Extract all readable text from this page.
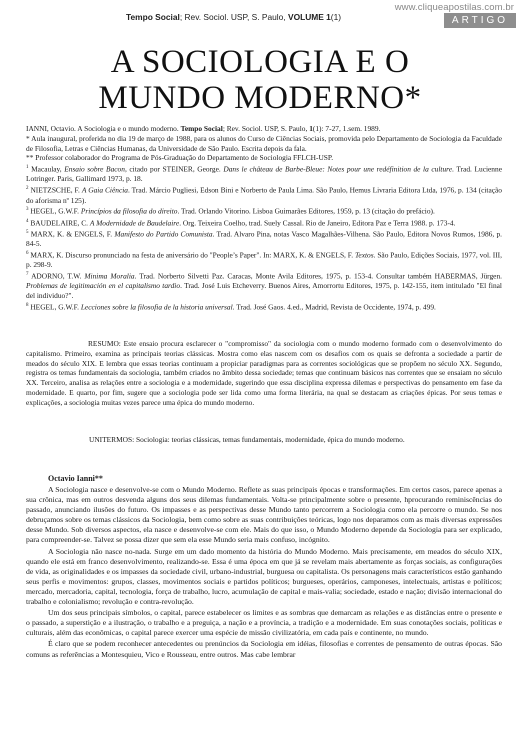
Tempo Social; Rev. Sociol. USP, S. Paulo, VOLUME 1(1)
www.cliqueapostilas.com.br
ARTIGO
A SOCIOLOGIA E O
MUNDO MODERNO*

IANNI, Octavio. A Sociologia e o mundo moderno. Tempo Social; Rev. Sociol. USP, S. Paulo, 1(1): 7-27, 1.sem. 1989.

* Aula inaugural, proferida no dia 19 de março de 1988, para os alunos do Curso de Ciências Sociais, promovida pelo Departamento de Sociologia da Faculdade de Filosofia, Letras e Ciências Humanas, da Universidade de São Paulo. Escrita depois da fala.

** Professor colaborador do Programa de Pós-Graduação do Departamento de Sociologia FFLCH-USP.

$^1$ Macaulay, Ensaio sobre Bacon, citado por STEINER, George. Dans le château de Barbe-Bleue: Notes pour une redéfinition de la culture. Trad. Lucienne Lotringer. Paris, Gallimard 1973, p. 18.

$^2$ NIETZSCHE, F. A Gaia Ciência. Trad. Márcio Pugliesi, Edson Bini e Norberto de Paula Lima. São Paulo, Hemus Livraria Editora Ltda, 1976, p. 134 (citação do aforisma nº 125).

$^3$ HEGEL, G.W.F. Princípios da filosofia do direito. Trad. Orlando Vitorino. Lisboa Guimarães Editores, 1959, p. 13 (citação do prefácio).

$^4$ BAUDELAIRE, C. A Modernidade de Baudelaire. Org. Teixeira Coelho, trad. Suely Cassal. Rio de Janeiro, Editora Paz e Terra 1988. p. 173-4.

$^5$ MARX, K. & ENGELS, F. Manifesto do Partido Comunista. Trad. Alvaro Pina, notas Vasco Magalhães-Vilhena. São Paulo, Editora Novos Rumos, 1986, p. 84-5.

$^6$ MARX, K. Discurso pronunciado na festa de aniversário do "People’s Paper". In: MARX, K. & ENGELS, F. Textos. São Paulo, Edições Sociais, 1977, vol. III, p. 298-9.

$^7$ ADORNO, T.W. Minima Moralia. Trad. Norberto Silvetti Paz. Caracas, Monte Avila Editores, 1975, p. 153-4. Consultar também HABERMAS, Jürgen. Problemas de legitimación en el capitalismo tardio. Trad. José Luis Etcheverry. Buenos Aires, Amorrortu Editores, 1975, p. 142-155, item intitulado "El final del individuo?".

$^8$ HEGEL, G.W.F. Lecciones sobre la filosofia de la historia universal. Trad. José Gaos. 4.ed., Madrid, Revista de Occidente, 1974, p. 499.

RESUMO: Este ensaio procura esclarecer o "compromisso" da sociologia com o mundo moderno formado com o desenvolvimento do capitalismo. Primeiro, examina as principais teorias clássicas. Mostra como elas nascem com os desafios com os quais se defronta a sociedade a partir de meados do século XIX. E lembra que essas teorias continuam a propiciar paradigmas para as correntes sociológicas que se propõem no século XX. Segundo, registra os temas fundamentais da sociologia, também criados no âmbito dessa sociedade; temas que continuam básicos nas correntes que se ensaiam no século XX. Terceiro, analisa as relações entre a sociologia e a modernidade, sugerindo que essa disciplina expressa dilemas e perspectivas do pensamento em fase da modernidade. E quarto, por fim, sugere que a sociologia pode ser lida como uma forma literária, na qual se destacam as criações épicas. Por seus temas e explicações, a sociologia muitas vezes parece uma épica do mundo moderno.

UNITERMOS: Sociologia: teorias clássicas, temas fundamentais, modernidade, épica do mundo moderno.
Octavio Ianni**

A Sociologia nasce e desenvolve-se com o Mundo Moderno. Reflete as suas principais épocas e transformações. Em certos casos, parece apenas a sua crônica, mas em outros desvenda alguns dos seus dilemas fundamentais. Volta-se principalmente sobre o presente, hprocurando reminiscências do passado, anunciando ilusões do futuro. Os impasses e as perspectivas desse Mundo tanto percorrem a Sociologia como ela percorre o mundo. Se nos debruçamos sobre os temas clássicos da Sociologia, bem como sobre as suas contribuições teóricas, logo nos deparamos com as mais diversas expressões desse Mundo. Sob diversos aspectos, ela nasce e desenvolve-se com ele. Mais do que isso, o Mundo Moderno depende da Sociologia para ser explicado, para compreender-se. Talvez se possa dizer que sem ela esse Mundo seria mais confuso, incógnito.

A Sociologia não nasce no-nada. Surge em um dado momento da história do Mundo Moderno. Mais precisamente, em meados do século XIX, quando ele está em franco desenvolvimento, realizando-se. Essa é uma época em que já se revelam mais abertamente as forças sociais, as configurações de vida, as originalidades e os impasses da sociedade civil, urbano-industrial, burguesa ou capitalista. Os personagens mais característicos estão ganhando seus perfis e movimentos: grupos, classes, movimentos sociais e partidos políticos; burgueses, operários, camponeses, intelectuais, artistas e políticos; mercado, mercadoria, capital, tecnologia, força de trabalho, lucro, acumulação de capital e mais-valia; sociedade, estado e nação; divisão internacional do trabalho e colonialismo; revolução e contra-revolução.

Um dos seus principais símbolos, o capital, parece estabelecer os limites e as sombras que demarcam as relações e as distâncias entre o presente e o passado, a superstição e a ilustração, o trabalho e a preguiça, a nação e a província, a tradição e a modernidade. Em suas conotações sociais, políticas e culturais, além das econômicas, o capital parece exercer uma espécie de missão civilizatória, em cada país e continente, no mundo.

É claro que se podem reconhecer antecedentes ou prenúncios da Sociologia em idéias, filosofias e correntes de pensamento de outras épocas. São comuns as referências a Montesquieu, Vico e Rousseau, entre outros. Mas cabe lembrar
